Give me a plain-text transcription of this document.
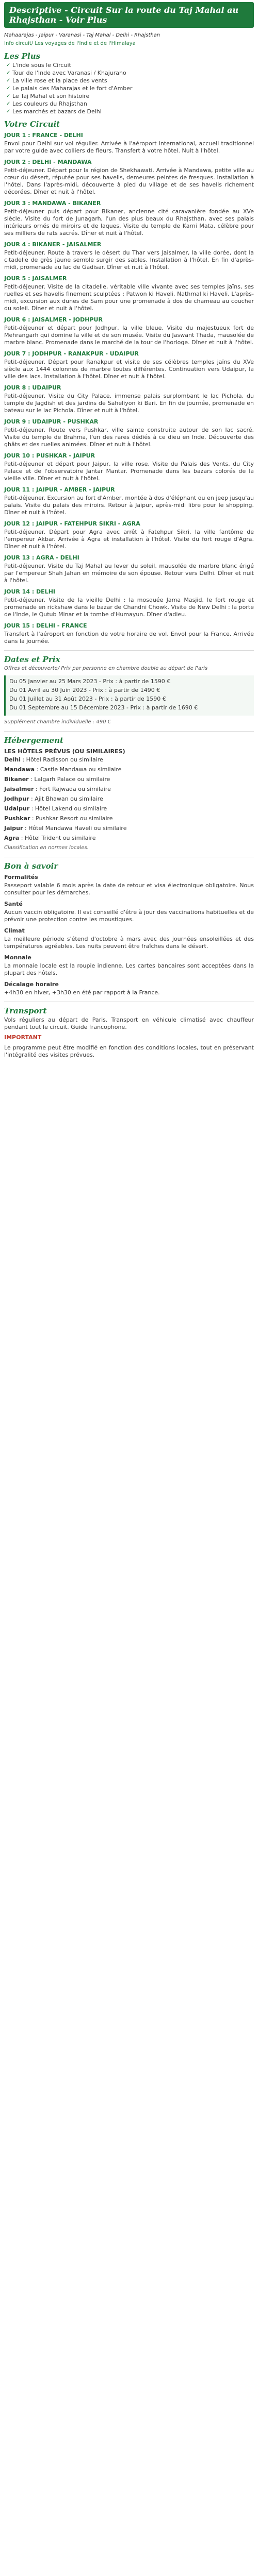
Descriptive - Circuit Sur la route du Taj Mahal au Rhajsthan - Voir Plus
Mahaarajas - Jaipur - Varanasi - Taj Mahal - Delhi - Rhajsthan
Info circuit/ Les voyages de l'Indie et de l'Himalaya
Les Plus
✓ L'inde sous le Circuit
✓ Tour de l'Inde avec Varanasi / Khajuraho
✓ La ville rose et la place des vents
✓ Le palais des Maharajas et le fort d'Amber
✓ Le Taj Mahal et son histoire
✓ Les couleurs du Rhajsthan
✓ Les marchés et bazars de Delhi
Votre Circuit
JOUR 1 : FRANCE - DELHI

Envol pour Delhi sur vol régulier. Arrivée à l'aéroport international, accueil traditionnel par votre guide avec colliers de fleurs. Transfert à votre hôtel. Nuit à l'hôtel.

JOUR 2 : DELHI - MANDAWA

Petit-déjeuner. Départ pour la région de Shekhawati. Arrivée à Mandawa, petite ville au cœur du désert, réputée pour ses havelis, demeures peintes de fresques. Installation à l'hôtel. Dans l'après-midi, découverte à pied du village et de ses havelis richement décorées. Dîner et nuit à l'hôtel.

JOUR 3 : MANDAWA - BIKANER

Petit-déjeuner puis départ pour Bikaner, ancienne cité caravanière fondée au XVe siècle. Visite du fort de Junagarh, l'un des plus beaux du Rhajsthan, avec ses palais intérieurs ornés de miroirs et de laques. Visite du temple de Karni Mata, célèbre pour ses milliers de rats sacrés. Dîner et nuit à l'hôtel.

JOUR 4 : BIKANER - JAISALMER

Petit-déjeuner. Route à travers le désert du Thar vers Jaisalmer, la ville dorée, dont la citadelle de grès jaune semble surgir des sables. Installation à l'hôtel. En fin d'après-midi, promenade au lac de Gadisar. Dîner et nuit à l'hôtel.

JOUR 5 : JAISALMER

Petit-déjeuner. Visite de la citadelle, véritable ville vivante avec ses temples jaïns, ses ruelles et ses havelis finement sculptées : Patwon ki Haveli, Nathmal ki Haveli. L'après-midi, excursion aux dunes de Sam pour une promenade à dos de chameau au coucher du soleil. Dîner et nuit à l'hôtel.

JOUR 6 : JAISALMER - JODHPUR

Petit-déjeuner et départ pour Jodhpur, la ville bleue. Visite du majestueux fort de Mehrangarh qui domine la ville et de son musée. Visite du Jaswant Thada, mausolée de marbre blanc. Promenade dans le marché de la tour de l'horloge. Dîner et nuit à l'hôtel.

JOUR 7 : JODHPUR - RANAKPUR - UDAIPUR

Petit-déjeuner. Départ pour Ranakpur et visite de ses célèbres temples jaïns du XVe siècle aux 1444 colonnes de marbre toutes différentes. Continuation vers Udaipur, la ville des lacs. Installation à l'hôtel. Dîner et nuit à l'hôtel.

JOUR 8 : UDAIPUR

Petit-déjeuner. Visite du City Palace, immense palais surplombant le lac Pichola, du temple de Jagdish et des jardins de Saheliyon ki Bari. En fin de journée, promenade en bateau sur le lac Pichola. Dîner et nuit à l'hôtel.

JOUR 9 : UDAIPUR - PUSHKAR

Petit-déjeuner. Route vers Pushkar, ville sainte construite autour de son lac sacré. Visite du temple de Brahma, l'un des rares dédiés à ce dieu en Inde. Découverte des ghâts et des ruelles animées. Dîner et nuit à l'hôtel.

JOUR 10 : PUSHKAR - JAIPUR

Petit-déjeuner et départ pour Jaipur, la ville rose. Visite du Palais des Vents, du City Palace et de l'observatoire Jantar Mantar. Promenade dans les bazars colorés de la vieille ville. Dîner et nuit à l'hôtel.

JOUR 11 : JAIPUR - AMBER - JAIPUR

Petit-déjeuner. Excursion au fort d'Amber, montée à dos d'éléphant ou en jeep jusqu'au palais. Visite du palais des miroirs. Retour à Jaipur, après-midi libre pour le shopping. Dîner et nuit à l'hôtel.

JOUR 12 : JAIPUR - FATEHPUR SIKRI - AGRA

Petit-déjeuner. Départ pour Agra avec arrêt à Fatehpur Sikri, la ville fantôme de l'empereur Akbar. Arrivée à Agra et installation à l'hôtel. Visite du fort rouge d'Agra. Dîner et nuit à l'hôtel.

JOUR 13 : AGRA - DELHI

Petit-déjeuner. Visite du Taj Mahal au lever du soleil, mausolée de marbre blanc érigé par l'empereur Shah Jahan en mémoire de son épouse. Retour vers Delhi. Dîner et nuit à l'hôtel.

JOUR 14 : DELHI

Petit-déjeuner. Visite de la vieille Delhi : la mosquée Jama Masjid, le fort rouge et promenade en rickshaw dans le bazar de Chandni Chowk. Visite de New Delhi : la porte de l'Inde, le Qutub Minar et la tombe d'Humayun. Dîner d'adieu.

JOUR 15 : DELHI - FRANCE

Transfert à l'aéroport en fonction de votre horaire de vol. Envol pour la France. Arrivée dans la journée.

Dates et Prix

Offres et découverte/ Prix par personne en chambre double au départ de Paris

Du 05 Janvier au 25 Mars 2023 - Prix : à partir de 1590 €
Du 01 Avril au 30 Juin 2023 - Prix : à partir de 1490 €
Du 01 Juillet au 31 Août 2023 - Prix : à partir de 1590 €
Du 01 Septembre au 15 Décembre 2023 - Prix : à partir de 1690 €

Supplément chambre individuelle : 490 €

Hébergement
LES HÔTELS PRÉVUS (OU SIMILAIRES)
Delhi : Hôtel Radisson ou similaire
Mandawa : Castle Mandawa ou similaire
Bikaner : Lalgarh Palace ou similaire
Jaisalmer : Fort Rajwada ou similaire
Jodhpur : Ajit Bhawan ou similaire
Udaipur : Hôtel Lakend ou similaire
Pushkar : Pushkar Resort ou similaire
Jaipur : Hôtel Mandawa Haveli ou similaire
Agra : Hôtel Trident ou similaire

Classification en normes locales.

Bon à savoir
Formalités

Passeport valable 6 mois après la date de retour et visa électronique obligatoire. Nous consulter pour les démarches.

Santé

Aucun vaccin obligatoire. Il est conseillé d'être à jour des vaccinations habituelles et de prévoir une protection contre les moustiques.

Climat

La meilleure période s'étend d'octobre à mars avec des journées ensoleillées et des températures agréables. Les nuits peuvent être fraîches dans le désert.

Monnaie

La monnaie locale est la roupie indienne. Les cartes bancaires sont acceptées dans la plupart des hôtels.

Décalage horaire

+4h30 en hiver, +3h30 en été par rapport à la France.

Transport

Vols réguliers au départ de Paris. Transport en véhicule climatisé avec chauffeur pendant tout le circuit. Guide francophone.

IMPORTANT

Le programme peut être modifié en fonction des conditions locales, tout en préservant l'intégralité des visites prévues.
